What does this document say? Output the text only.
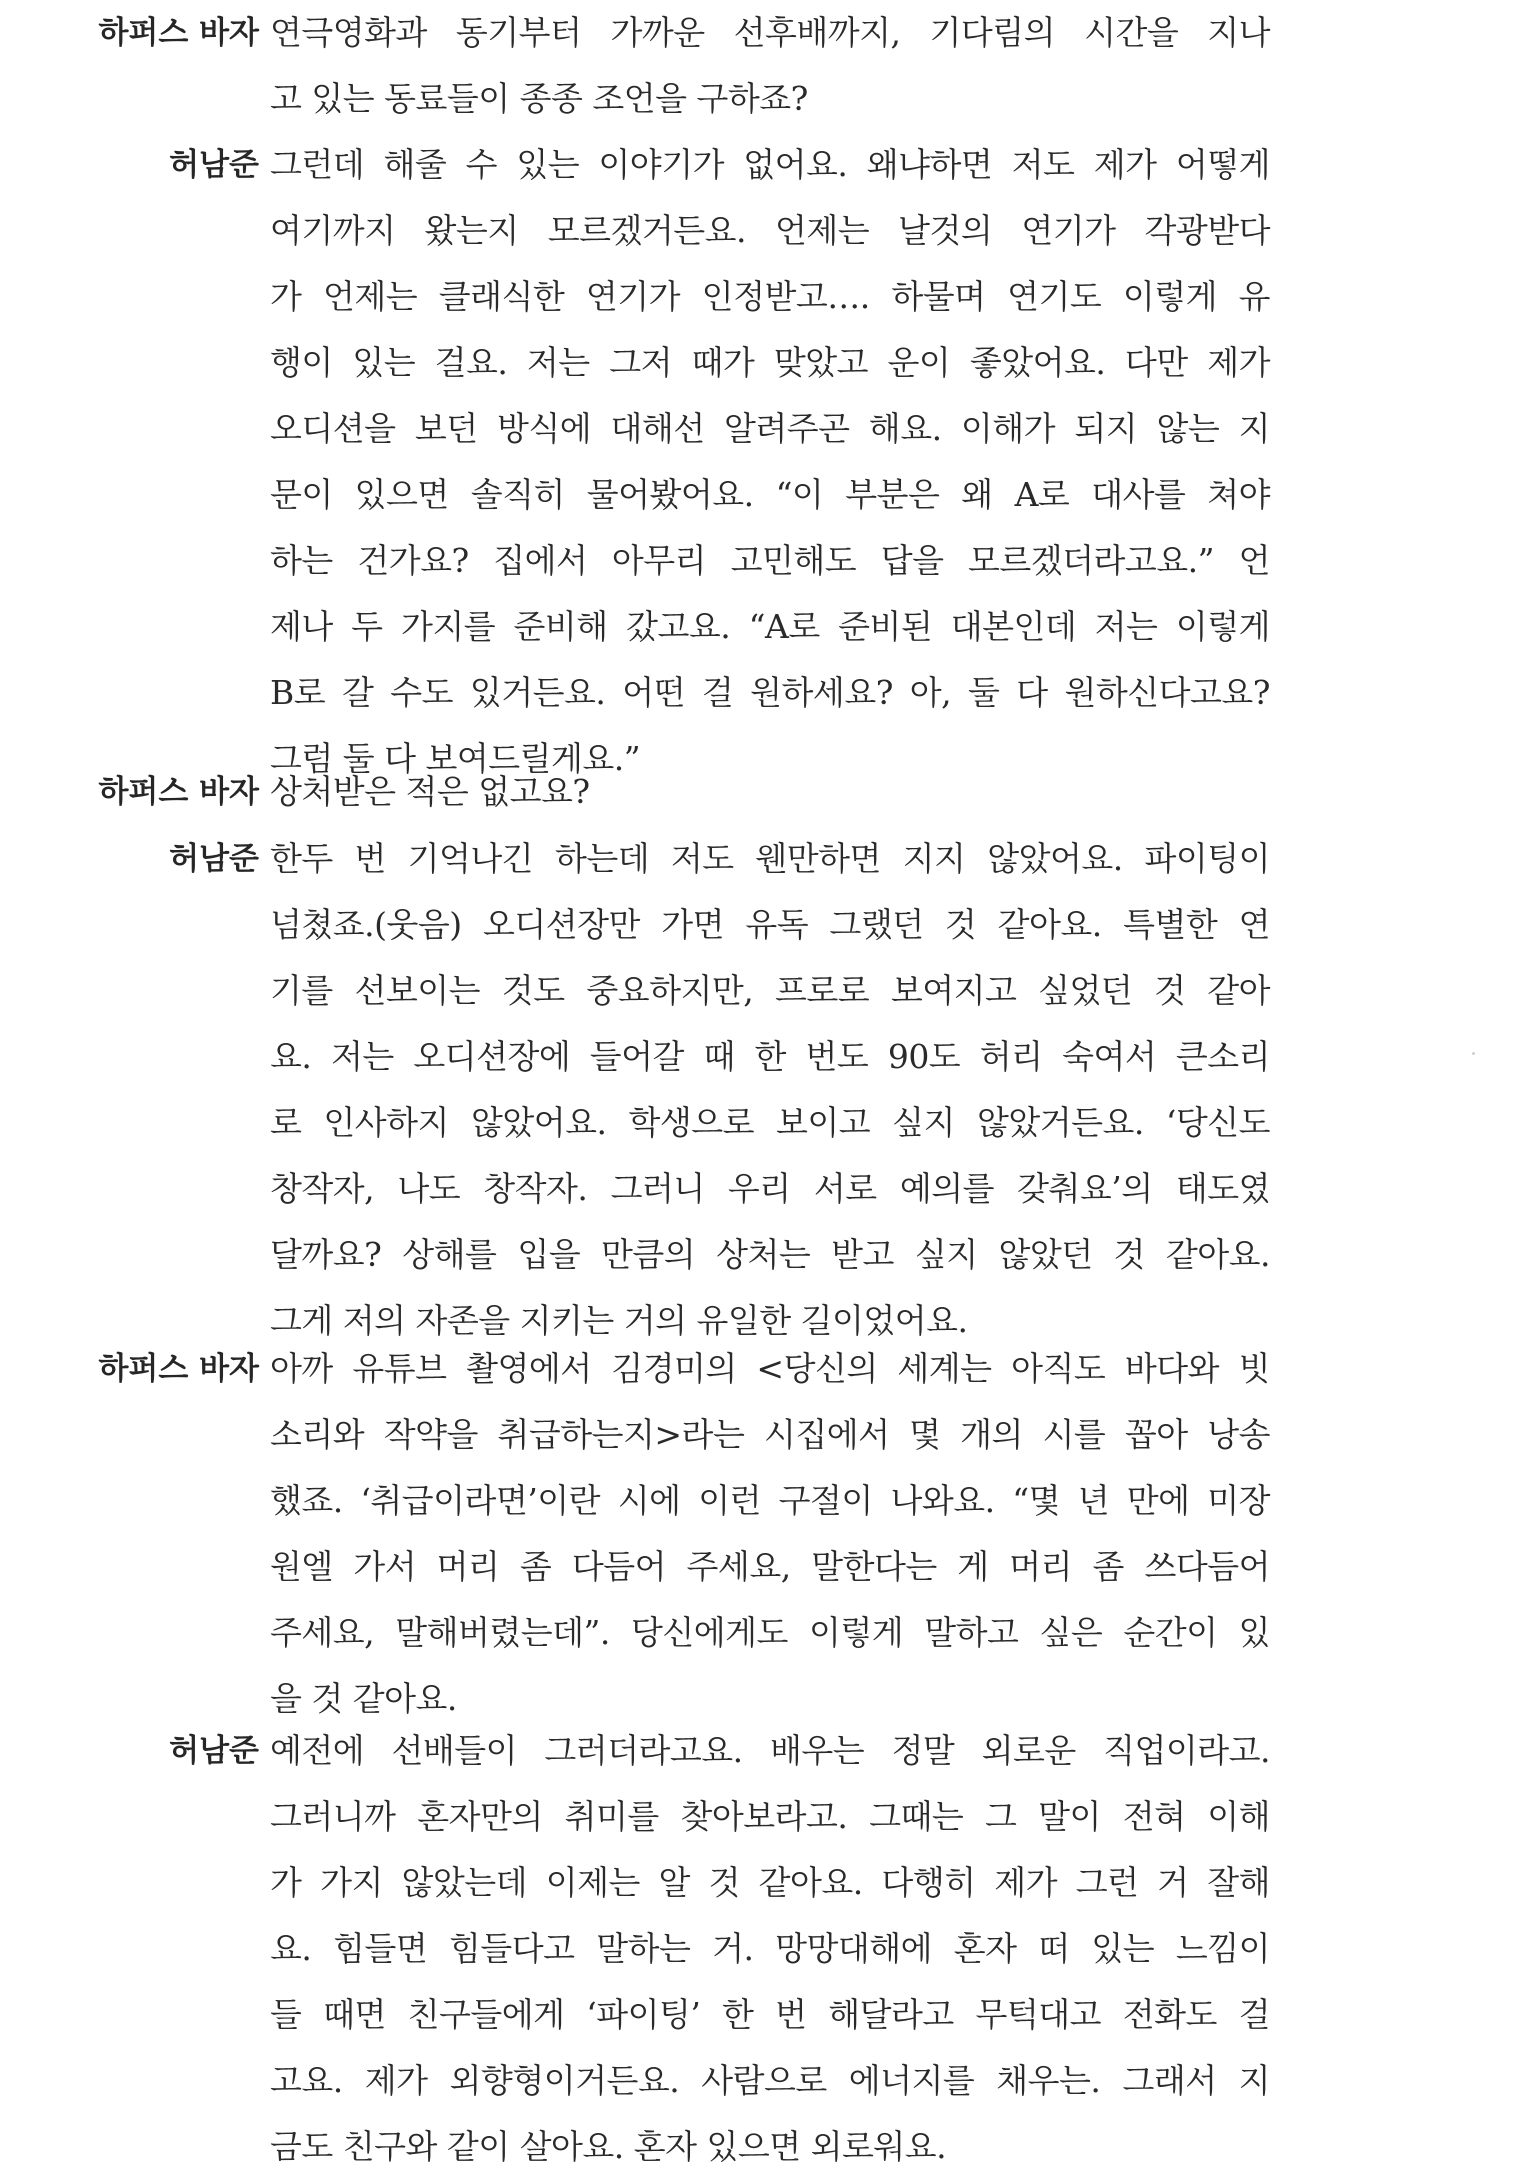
하퍼스 바자 연극영화과 동기부터 가까운 선후배까지, 기다림의 시간을 지나
고 있는 동료들이 종종 조언을 구하죠?
허남준 그런데 해줄 수 있는 이야기가 없어요. 왜냐하면 저도 제가 어떻게
여기까지 왔는지 모르겠거든요. 언제는 날것의 연기가 각광받다
가 언제는 클래식한 연기가 인정받고…. 하물며 연기도 이렇게 유
행이 있는 걸요. 저는 그저 때가 맞았고 운이 좋았어요. 다만 제가
오디션을 보던 방식에 대해선 알려주곤 해요. 이해가 되지 않는 지
문이 있으면 솔직히 물어봤어요. “이 부분은 왜 A로 대사를 쳐야
하는 건가요? 집에서 아무리 고민해도 답을 모르겠더라고요.” 언
제나 두 가지를 준비해 갔고요. “A로 준비된 대본인데 저는 이렇게
B로 갈 수도 있거든요. 어떤 걸 원하세요? 아, 둘 다 원하신다고요?
그럼 둘 다 보여드릴게요.”
하퍼스 바자 상처받은 적은 없고요?
허남준 한두 번 기억나긴 하는데 저도 웬만하면 지지 않았어요. 파이팅이
넘쳤죠.(웃음) 오디션장만 가면 유독 그랬던 것 같아요. 특별한 연
기를 선보이는 것도 중요하지만, 프로로 보여지고 싶었던 것 같아
요. 저는 오디션장에 들어갈 때 한 번도 90도 허리 숙여서 큰소리
로 인사하지 않았어요. 학생으로 보이고 싶지 않았거든요. ‘당신도
창작자, 나도 창작자. 그러니 우리 서로 예의를 갖춰요’의 태도였
달까요? 상해를 입을 만큼의 상처는 받고 싶지 않았던 것 같아요.
그게 저의 자존을 지키는 거의 유일한 길이었어요.
하퍼스 바자 아까 유튜브 촬영에서 김경미의 <당신의 세계는 아직도 바다와 빗
소리와 작약을 취급하는지>라는 시집에서 몇 개의 시를 꼽아 낭송
했죠. ‘취급이라면’이란 시에 이런 구절이 나와요. “몇 년 만에 미장
원엘 가서 머리 좀 다듬어 주세요, 말한다는 게 머리 좀 쓰다듬어
주세요, 말해버렸는데”. 당신에게도 이렇게 말하고 싶은 순간이 있
을 것 같아요.
허남준 예전에 선배들이 그러더라고요. 배우는 정말 외로운 직업이라고.
그러니까 혼자만의 취미를 찾아보라고. 그때는 그 말이 전혀 이해
가 가지 않았는데 이제는 알 것 같아요. 다행히 제가 그런 거 잘해
요. 힘들면 힘들다고 말하는 거. 망망대해에 혼자 떠 있는 느낌이
들 때면 친구들에게 ‘파이팅’ 한 번 해달라고 무턱대고 전화도 걸
고요. 제가 외향형이거든요. 사람으로 에너지를 채우는. 그래서 지
금도 친구와 같이 살아요. 혼자 있으면 외로워요.
